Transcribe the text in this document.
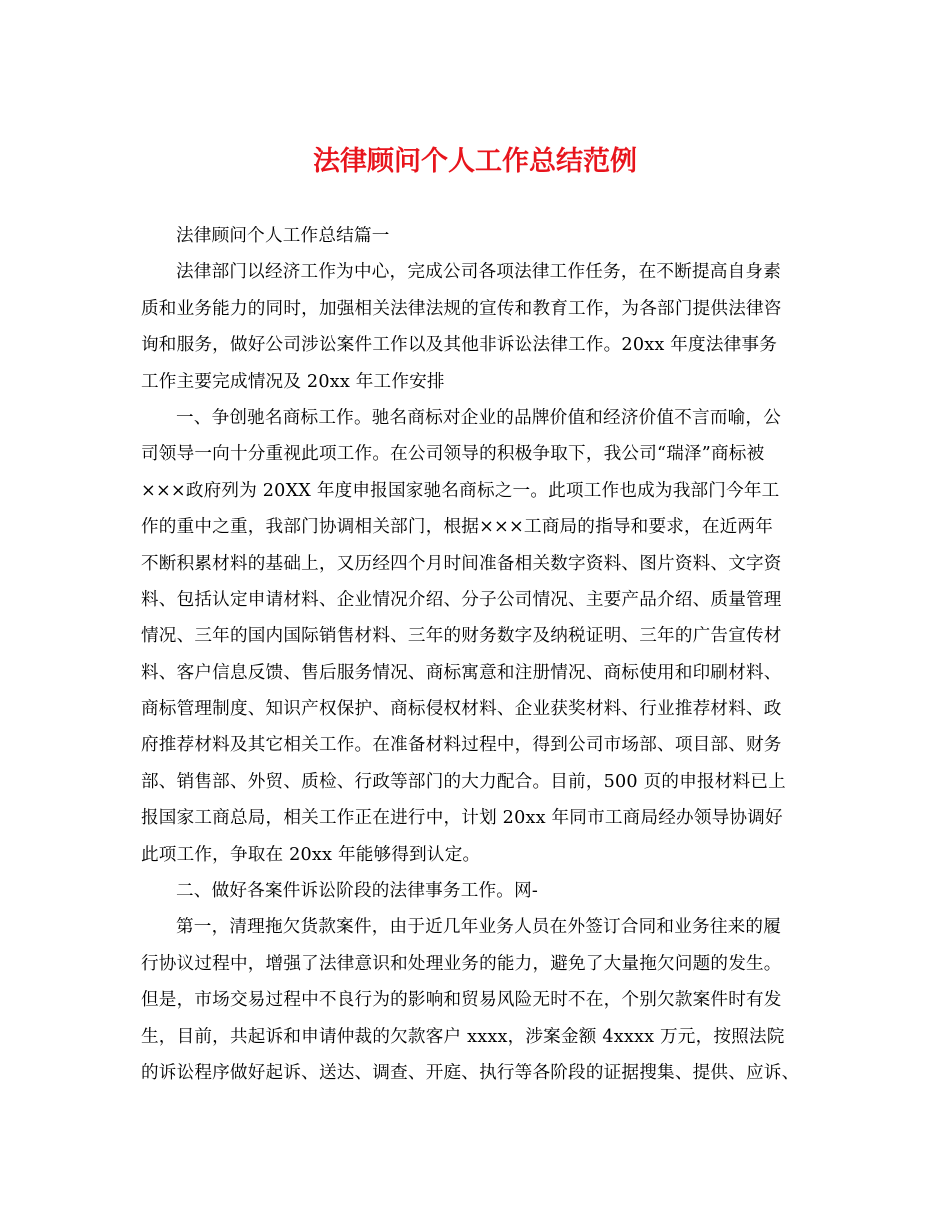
法律顾问个人工作总结范例
法律顾问个人工作总结篇一
法律部门以经济工作为中心，完成公司各项法律工作任务，在不断提高自身素
质和业务能力的同时，加强相关法律法规的宣传和教育工作，为各部门提供法律咨
询和服务，做好公司涉讼案件工作以及其他非诉讼法律工作。20xx 年度法律事务
工作主要完成情况及 20xx 年工作安排
一、争创驰名商标工作。驰名商标对企业的品牌价值和经济价值不言而喻，公
司领导一向十分重视此项工作。在公司领导的积极争取下，我公司“瑞泽”商标被
×××政府列为 20XX 年度申报国家驰名商标之一。此项工作也成为我部门今年工
作的重中之重，我部门协调相关部门，根据×××工商局的指导和要求，在近两年
不断积累材料的基础上，又历经四个月时间准备相关数字资料、图片资料、文字资
料、包括认定申请材料、企业情况介绍、分子公司情况、主要产品介绍、质量管理
情况、三年的国内国际销售材料、三年的财务数字及纳税证明、三年的广告宣传材
料、客户信息反馈、售后服务情况、商标寓意和注册情况、商标使用和印刷材料、
商标管理制度、知识产权保护、商标侵权材料、企业获奖材料、行业推荐材料、政
府推荐材料及其它相关工作。在准备材料过程中，得到公司市场部、项目部、财务
部、销售部、外贸、质检、行政等部门的大力配合。目前，500 页的申报材料已上
报国家工商总局，相关工作正在进行中，计划 20xx 年同市工商局经办领导协调好
此项工作，争取在 20xx 年能够得到认定。
二、做好各案件诉讼阶段的法律事务工作。网-
第一，清理拖欠货款案件，由于近几年业务人员在外签订合同和业务往来的履
行协议过程中，增强了法律意识和处理业务的能力，避免了大量拖欠问题的发生。
但是，市场交易过程中不良行为的影响和贸易风险无时不在，个别欠款案件时有发
生，目前，共起诉和申请仲裁的欠款客户 xxxx，涉案金额 4xxxx 万元，按照法院
的诉讼程序做好起诉、送达、调查、开庭、执行等各阶段的证据搜集、提供、应诉、
